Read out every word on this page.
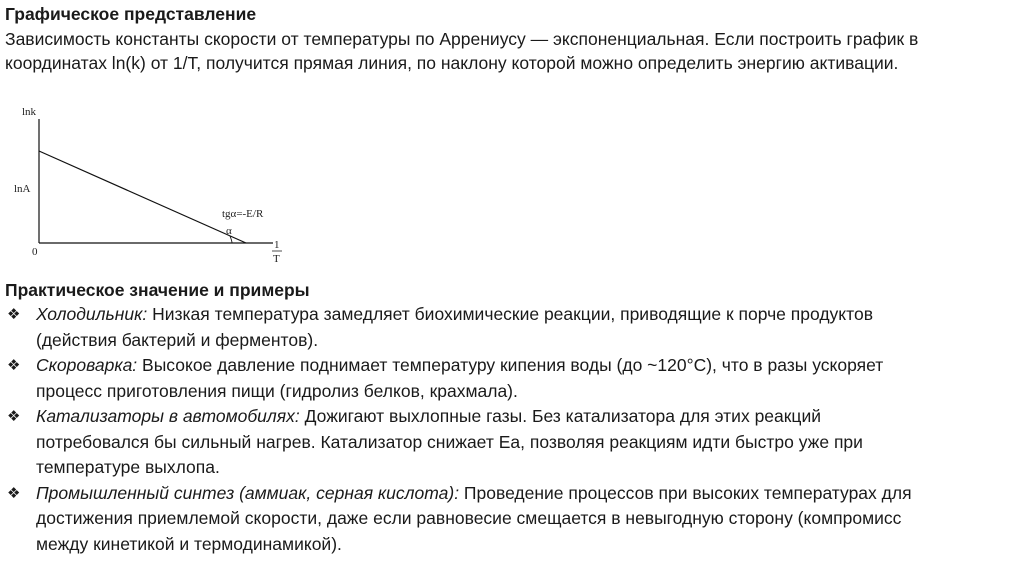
Графическое представление
Зависимость константы скорости от температуры по Аррениусу — экспоненциальная. Если построить график в
координатах ln(k) от 1/T, получится прямая линия, по наклону которой можно определить энергию активации.
lnk
lnA
0
tgα=-E/R
α
1
T
Практическое значение и примеры
❖ Холодильник: Низкая температура замедляет биохимические реакции, приводящие к порче продуктов
(действия бактерий и ферментов).
❖ Скороварка: Высокое давление поднимает температуру кипения воды (до ~120°C), что в разы ускоряет
процесс приготовления пищи (гидролиз белков, крахмала).
❖ Катализаторы в автомобилях: Дожигают выхлопные газы. Без катализатора для этих реакций
потребовался бы сильный нагрев. Катализатор снижает Ea, позволяя реакциям идти быстро уже при
температуре выхлопа.
❖ Промышленный синтез (аммиак, серная кислота): Проведение процессов при высоких температурах для
достижения приемлемой скорости, даже если равновесие смещается в невыгодную сторону (компромисс
между кинетикой и термодинамикой).
